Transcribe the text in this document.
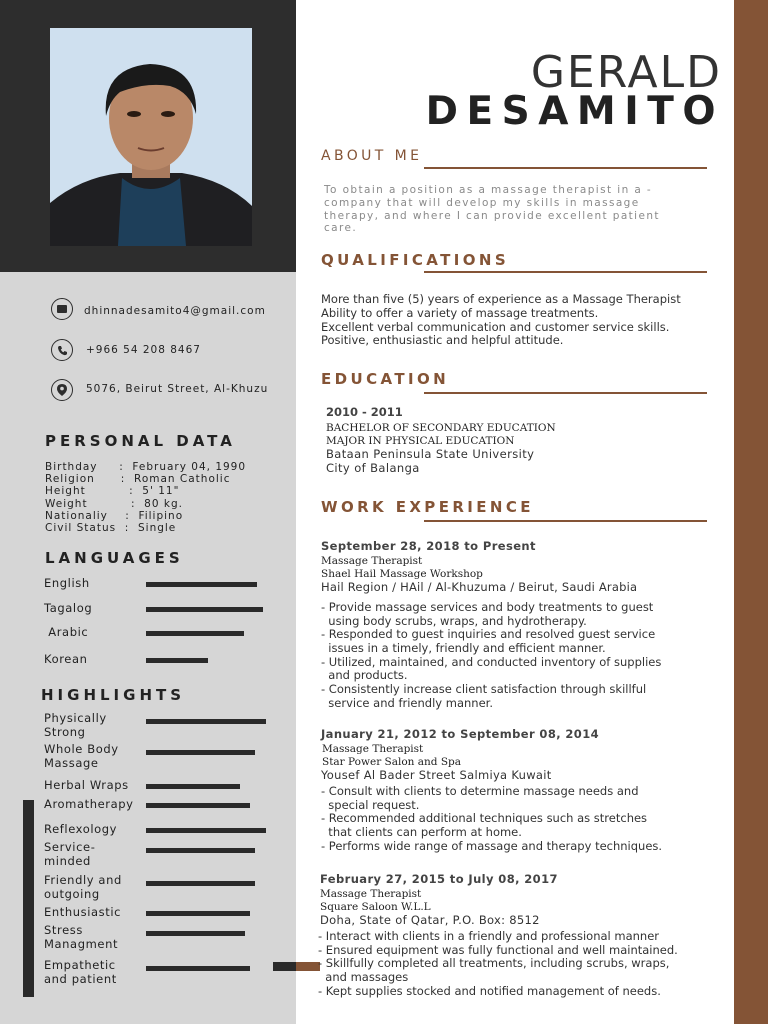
dhinnadesamito4@gmail.com
+966 54 208 8467
5076, Beirut Street, Al-Khuzu
PERSONAL DATA
Birthday     :  February 04, 1990
Religion      :  Roman Catholic
Height          :  5' 11"
Weight          :  80 kg.
Nationaliy    :  Filipino
Civil Status  :  Single
LANGUAGES
English
Tagalog
Arabic
Korean
HIGHLIGHTS
Physically
Strong
Whole Body
Massage
Herbal Wraps
Aromatherapy
Reflexology
Service-
minded
Friendly and
outgoing
Enthusiastic
Stress
Managment
Empathetic
and patient
GERALD
DESAMITO
ABOUT ME
To obtain a position as a massage therapist in a -
company that will develop my skills in massage
therapy, and where I can provide excellent patient
care.
QUALIFICATIONS
More than five (5) years of experience as a Massage Therapist
Ability to offer a variety of massage treatments.
Excellent verbal communication and customer service skills.
Positive, enthusiastic and helpful attitude.
EDUCATION
2010 - 2011
BACHELOR OF SECONDARY EDUCATION
MAJOR IN PHYSICAL EDUCATION
Bataan Peninsula State University
City of Balanga
WORK EXPERIENCE
September 28, 2018 to Present
Massage Therapist
Shael Hail Massage Workshop
Hail Region / HAil / Al-Khuzuma / Beirut, Saudi Arabia
- Provide massage services and body treatments to guest
using body scrubs, wraps, and hydrotherapy.
- Responded to guest inquiries and resolved guest service
issues in a timely, friendly and efficient manner.
- Utilized, maintained, and conducted inventory of supplies
and products.
- Consistently increase client satisfaction through skillful
service and friendly manner.
January 21, 2012 to September 08, 2014
Massage Therapist
Star Power Salon and Spa
Yousef Al Bader Street Salmiya Kuwait
- Consult with clients to determine massage needs and
special request.
- Recommended additional techniques such as stretches
that clients can perform at home.
- Performs wide range of massage and therapy techniques.
February 27, 2015 to July 08, 2017
Massage Therapist
Square Saloon W.L.L
Doha, State of Qatar, P.O. Box: 8512
- Interact with clients in a friendly and professional manner
- Ensured equipment was fully functional and well maintained.
- Skillfully completed all treatments, including scrubs, wraps,
and massages
- Kept supplies stocked and notified management of needs.
